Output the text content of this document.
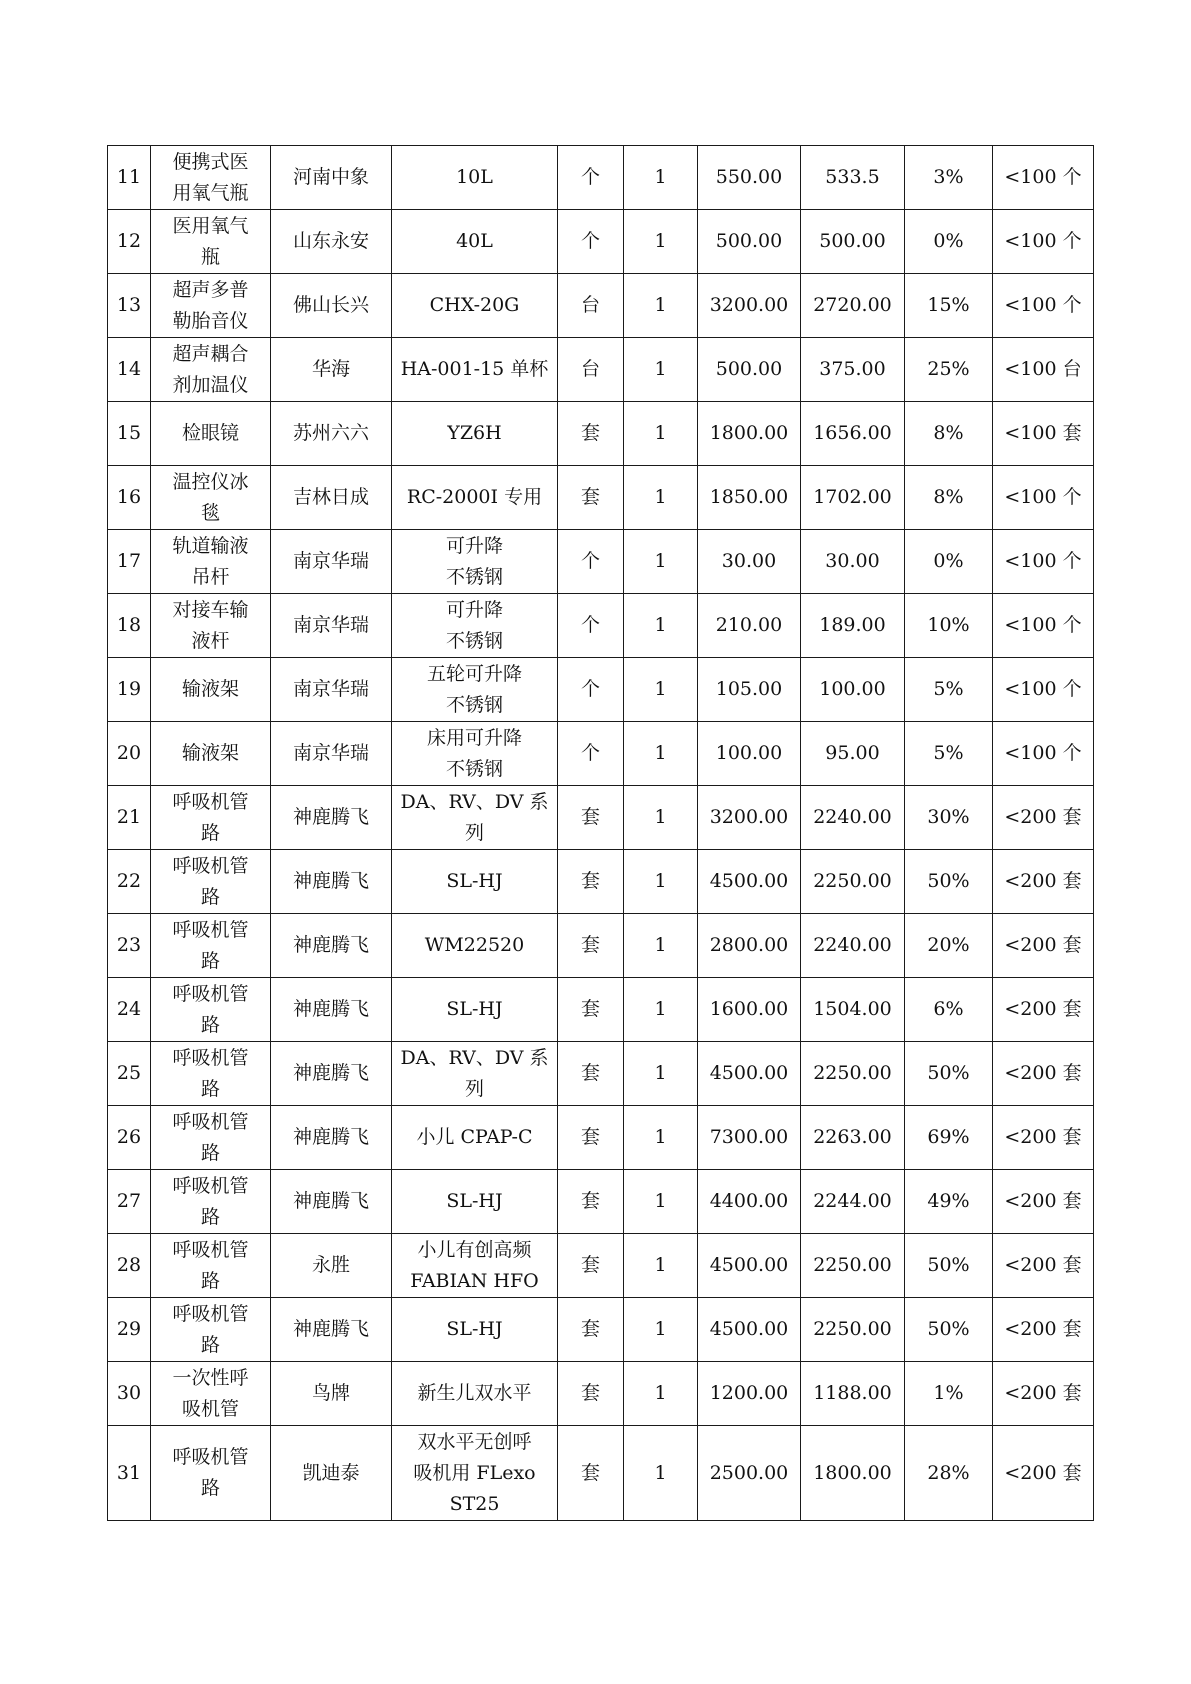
11	便携式医
用氧气瓶	河南中象	10L	个	1	550.00	533.5	3%	<100 个
12	医用氧气
瓶	山东永安	40L	个	1	500.00	500.00	0%	<100 个
13	超声多普
勒胎音仪	佛山长兴	CHX-20G	台	1	3200.00	2720.00	15%	<100 个
14	超声耦合
剂加温仪	华海	HA-001-15 单杯	台	1	500.00	375.00	25%	<100 台
15	检眼镜	苏州六六	YZ6H	套	1	1800.00	1656.00	8%	<100 套
16	温控仪冰
毯	吉林日成	RC-2000I 专用	套	1	1850.00	1702.00	8%	<100 个
17	轨道输液
吊杆	南京华瑞	可升降
不锈钢	个	1	30.00	30.00	0%	<100 个
18	对接车输
液杆	南京华瑞	可升降
不锈钢	个	1	210.00	189.00	10%	<100 个
19	输液架	南京华瑞	五轮可升降
不锈钢	个	1	105.00	100.00	5%	<100 个
20	输液架	南京华瑞	床用可升降
不锈钢	个	1	100.00	95.00	5%	<100 个
21	呼吸机管
路	神鹿腾飞	DA、RV、DV 系列	套	1	3200.00	2240.00	30%	<200 套
22	呼吸机管
路	神鹿腾飞	SL-HJ	套	1	4500.00	2250.00	50%	<200 套
23	呼吸机管
路	神鹿腾飞	WM22520	套	1	2800.00	2240.00	20%	<200 套
24	呼吸机管
路	神鹿腾飞	SL-HJ	套	1	1600.00	1504.00	6%	<200 套
25	呼吸机管
路	神鹿腾飞	DA、RV、DV 系列	套	1	4500.00	2250.00	50%	<200 套
26	呼吸机管
路	神鹿腾飞	小儿 CPAP-C	套	1	7300.00	2263.00	69%	<200 套
27	呼吸机管
路	神鹿腾飞	SL-HJ	套	1	4400.00	2244.00	49%	<200 套
28	呼吸机管
路	永胜	小儿有创高频
FABIAN HFO	套	1	4500.00	2250.00	50%	<200 套
29	呼吸机管
路	神鹿腾飞	SL-HJ	套	1	4500.00	2250.00	50%	<200 套
30	一次性呼
吸机管	鸟牌	新生儿双水平	套	1	1200.00	1188.00	1%	<200 套
31	呼吸机管
路	凯迪泰	双水平无创呼
吸机用 FLexo
ST25	套	1	2500.00	1800.00	28%	<200 套
